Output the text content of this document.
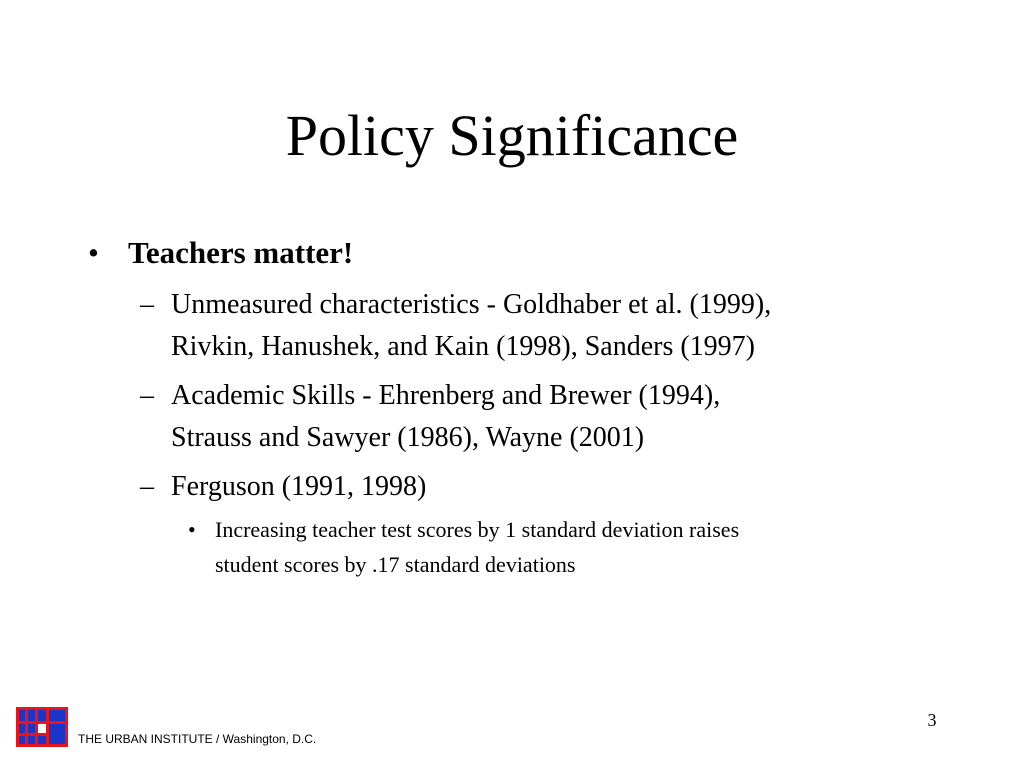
Policy Significance
• Teachers matter!
– Unmeasured characteristics - Goldhaber et al. (1999),
Rivkin, Hanushek, and Kain (1998), Sanders (1997)
– Academic Skills - Ehrenberg and Brewer (1994),
Strauss and Sawyer (1986), Wayne (2001)
– Ferguson (1991, 1998)
• Increasing teacher test scores by 1 standard deviation raises
student scores by .17 standard deviations
THE URBAN INSTITUTE / Washington, D.C.
3
